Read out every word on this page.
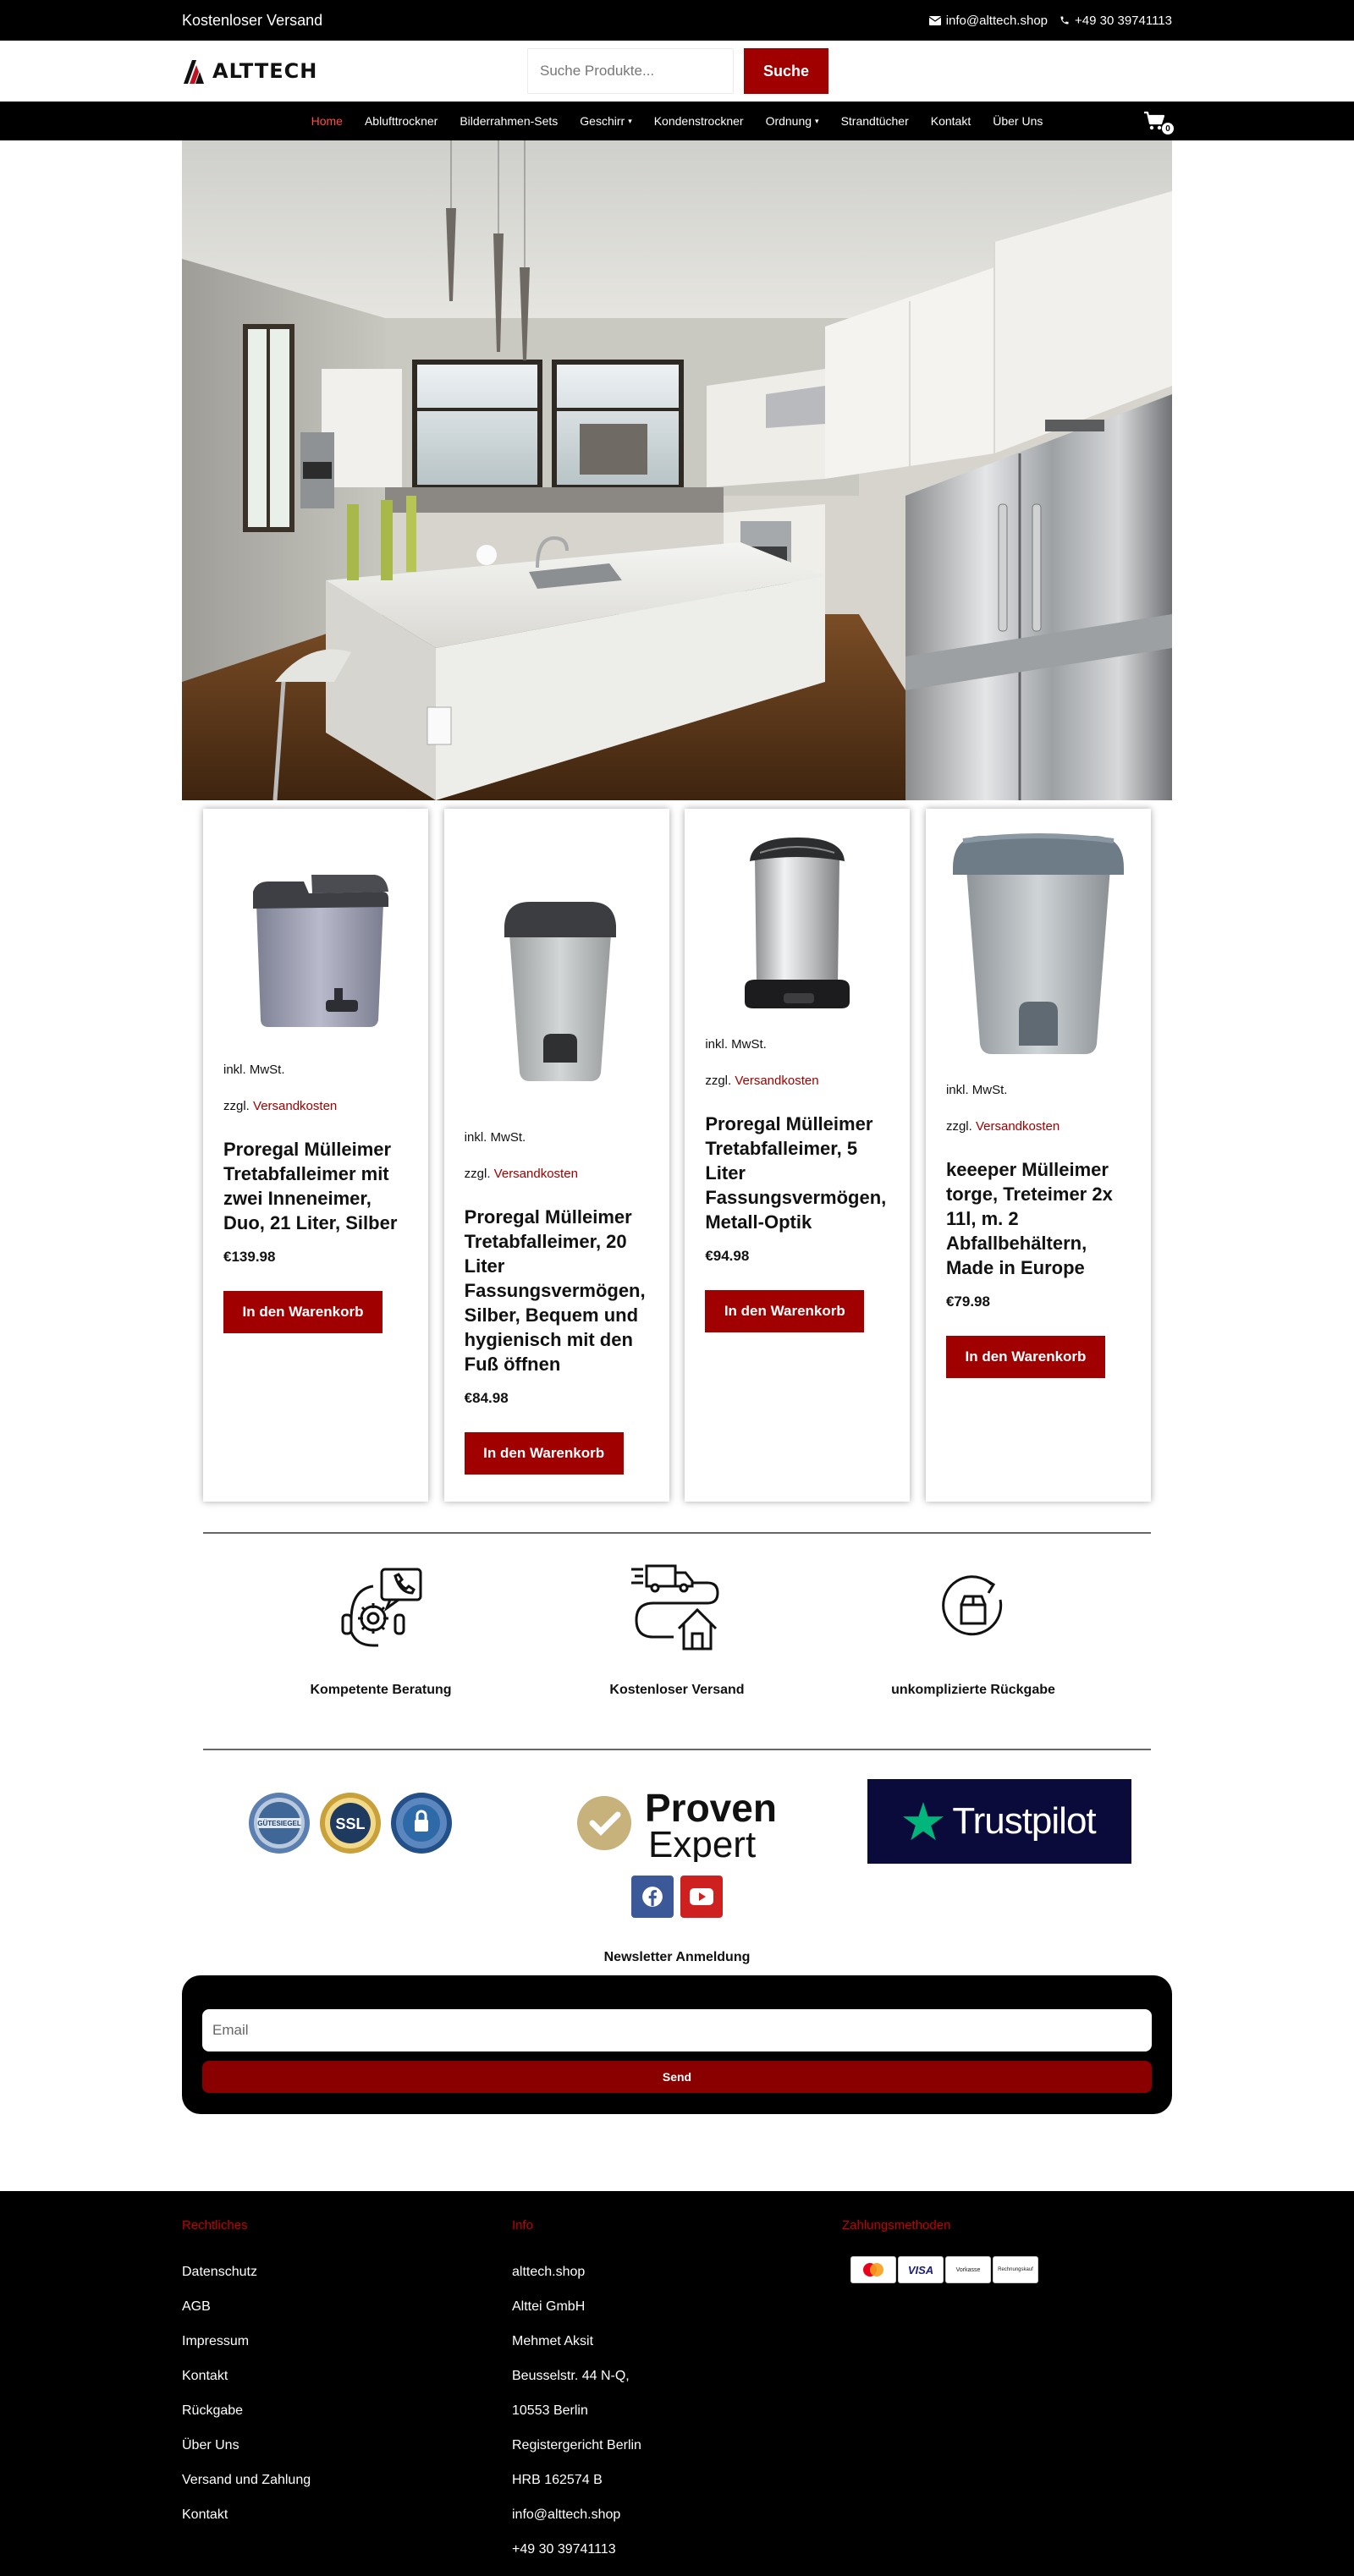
Kostenloser Versand	info@alttech.shop +49 30 39741113
ALTTECH
Suche Produkte...	Suche
Home Ablufttrockner Bilderrahmen-Sets Geschirr ▾ Kondenstrockner Ordnung ▾ Strandtücher Kontakt Über Uns
0
inkl. MwSt.
zzgl. Versandkosten
Proregal Mülleimer Tretabfalleimer mit zwei Inneneimer, Duo, 21 Liter, Silber
€139.98
In den Warenkorb
inkl. MwSt.
zzgl. Versandkosten
Proregal Mülleimer Tretabfalleimer, 20 Liter Fassungsvermögen, Silber, Bequem und hygienisch mit den Fuß öffnen
€84.98
In den Warenkorb
inkl. MwSt.
zzgl. Versandkosten
Proregal Mülleimer Tretabfalleimer, 5 Liter Fassungsvermögen, Metall-Optik
€94.98
In den Warenkorb
inkl. MwSt.
zzgl. Versandkosten
keeeper Mülleimer torge, Treteimer 2x 11l, m. 2 Abfallbehältern, Made in Europe
€79.98
In den Warenkorb
Kompetente Beratung	Kostenloser Versand	unkomplizierte Rückgabe
GÜTESIEGEL SSL	Proven
Expert
Trustpilot
Newsletter Anmeldung
Email Send
Rechtliches
Datenschutz
AGB
Impressum
Kontakt
Rückgabe
Über Uns
Versand und Zahlung
Kontakt
Info
alttech.shop
Alttei GmbH
Mehmet Aksit
Beusselstr. 44 N-Q,
10553 Berlin
Registergericht Berlin
HRB 162574 B
info@alttech.shop
+49 30 39741113
Zahlungsmethoden
VISA	Vorkasse	Rechnungskauf
